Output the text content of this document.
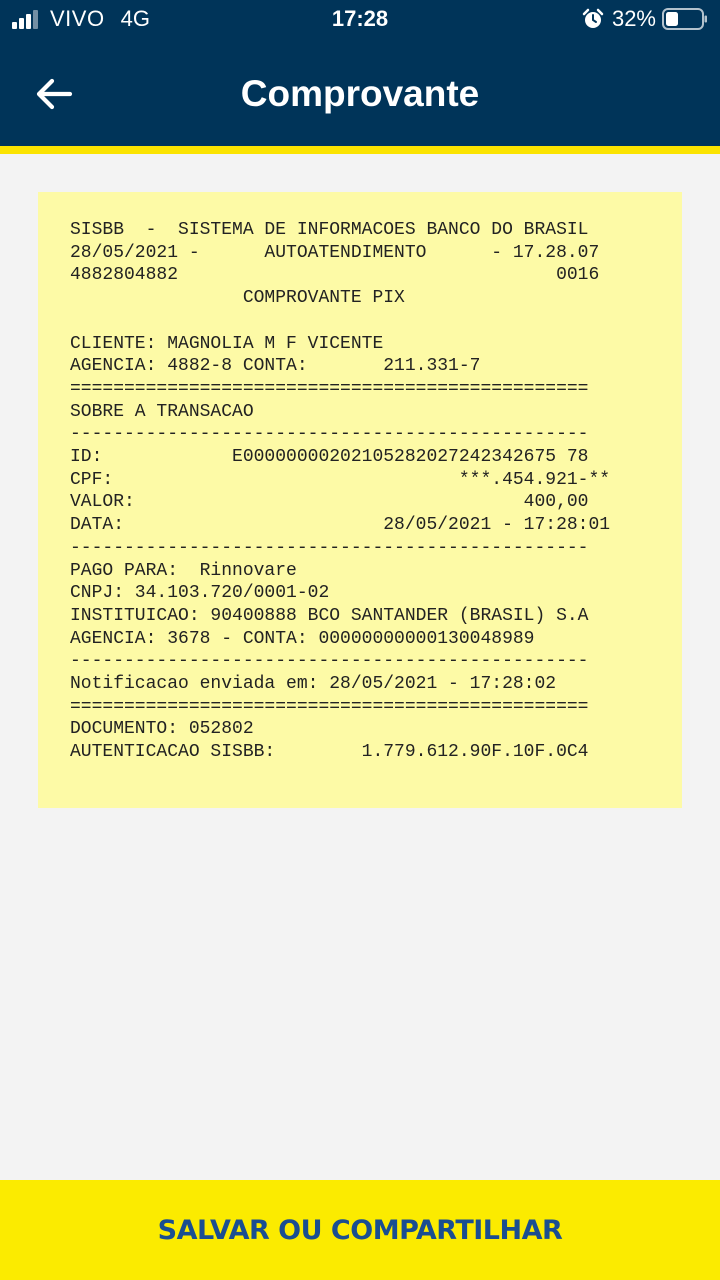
VIVO 4G	17:28	32%
Comprovante
SISBB  -  SISTEMA DE INFORMACOES BANCO DO BRASIL
28/05/2021 -      AUTOATENDIMENTO      - 17.28.07
4882804882                                   0016
COMPROVANTE PIX

CLIENTE: MAGNOLIA M F VICENTE
AGENCIA: 4882-8 CONTA:       211.331-7
================================================
SOBRE A TRANSACAO
------------------------------------------------
ID:            E00000000202105282027242342675 78
CPF:                                ***.454.921-**
VALOR:                                    400,00
DATA:                        28/05/2021 - 17:28:01
------------------------------------------------
PAGO PARA:  Rinnovare
CNPJ: 34.103.720/0001-02
INSTITUICAO: 90400888 BCO SANTANDER (BRASIL) S.A
AGENCIA: 3678 - CONTA: 00000000000130048989
------------------------------------------------
Notificacao enviada em: 28/05/2021 - 17:28:02
================================================
DOCUMENTO: 052802
AUTENTICACAO SISBB:        1.779.612.90F.10F.0C4

SALVAR OU COMPARTILHAR
